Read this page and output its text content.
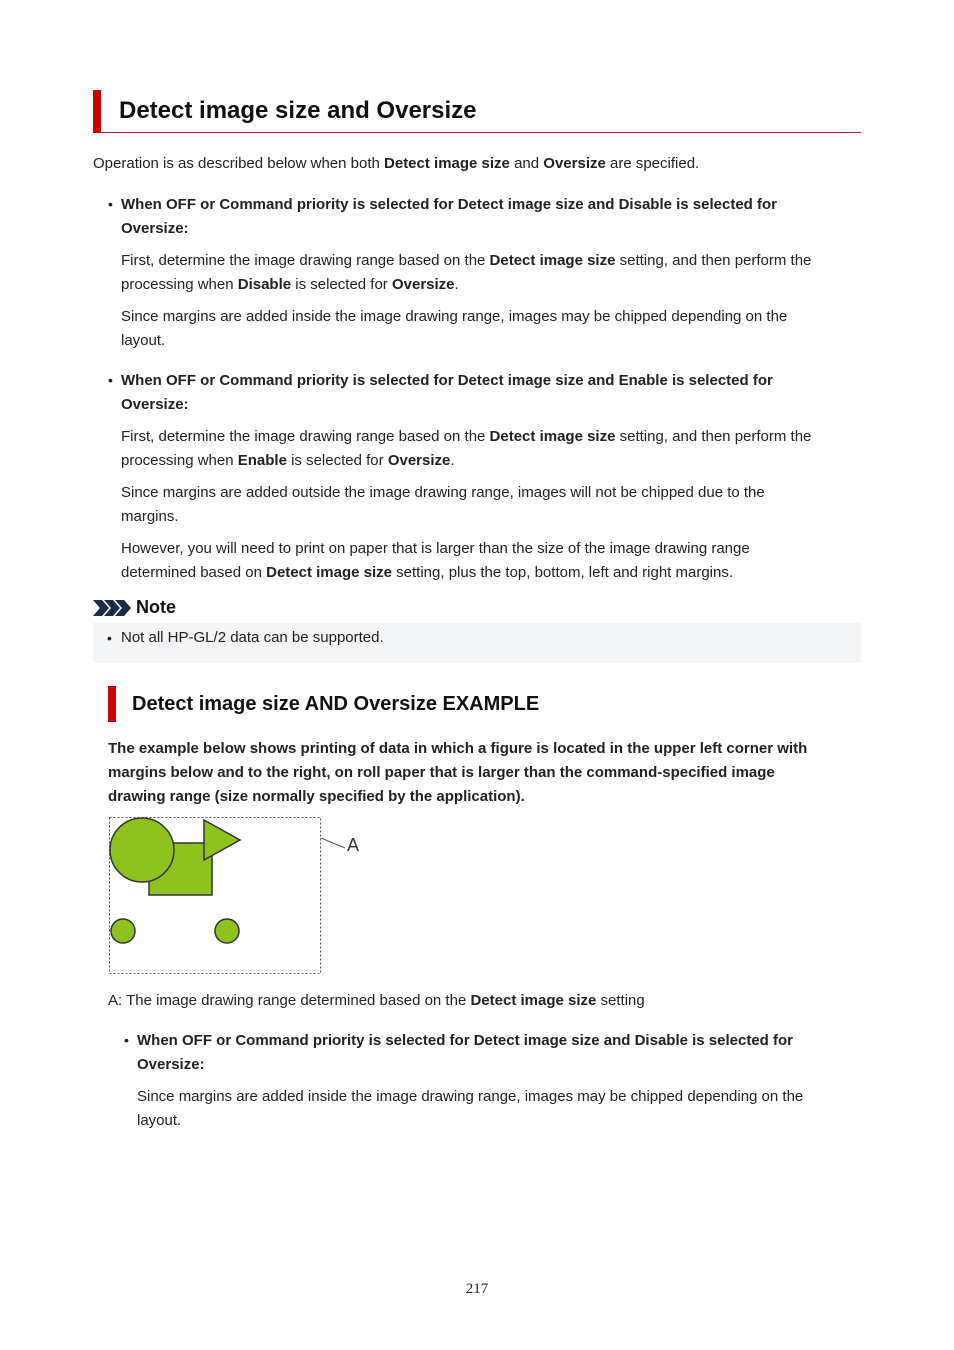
Detect image size and Oversize
Operation is as described below when both Detect image size and Oversize are specified.
• When OFF or Command priority is selected for Detect image size and Disable is selected for
Oversize:
First, determine the image drawing range based on the Detect image size setting, and then perform the
processing when Disable is selected for Oversize.
Since margins are added inside the image drawing range, images may be chipped depending on the
layout.
• When OFF or Command priority is selected for Detect image size and Enable is selected for
Oversize:
First, determine the image drawing range based on the Detect image size setting, and then perform the
processing when Enable is selected for Oversize.
Since margins are added outside the image drawing range, images will not be chipped due to the
margins.
However, you will need to print on paper that is larger than the size of the image drawing range
determined based on Detect image size setting, plus the top, bottom, left and right margins.
Note
• Not all HP-GL/2 data can be supported.
Detect image size AND Oversize EXAMPLE
The example below shows printing of data in which a figure is located in the upper left corner with
margins below and to the right, on roll paper that is larger than the command-specified image
drawing range (size normally specified by the application).
A
A: The image drawing range determined based on the Detect image size setting
• When OFF or Command priority is selected for Detect image size and Disable is selected for
Oversize:
Since margins are added inside the image drawing range, images may be chipped depending on the
layout.
217
